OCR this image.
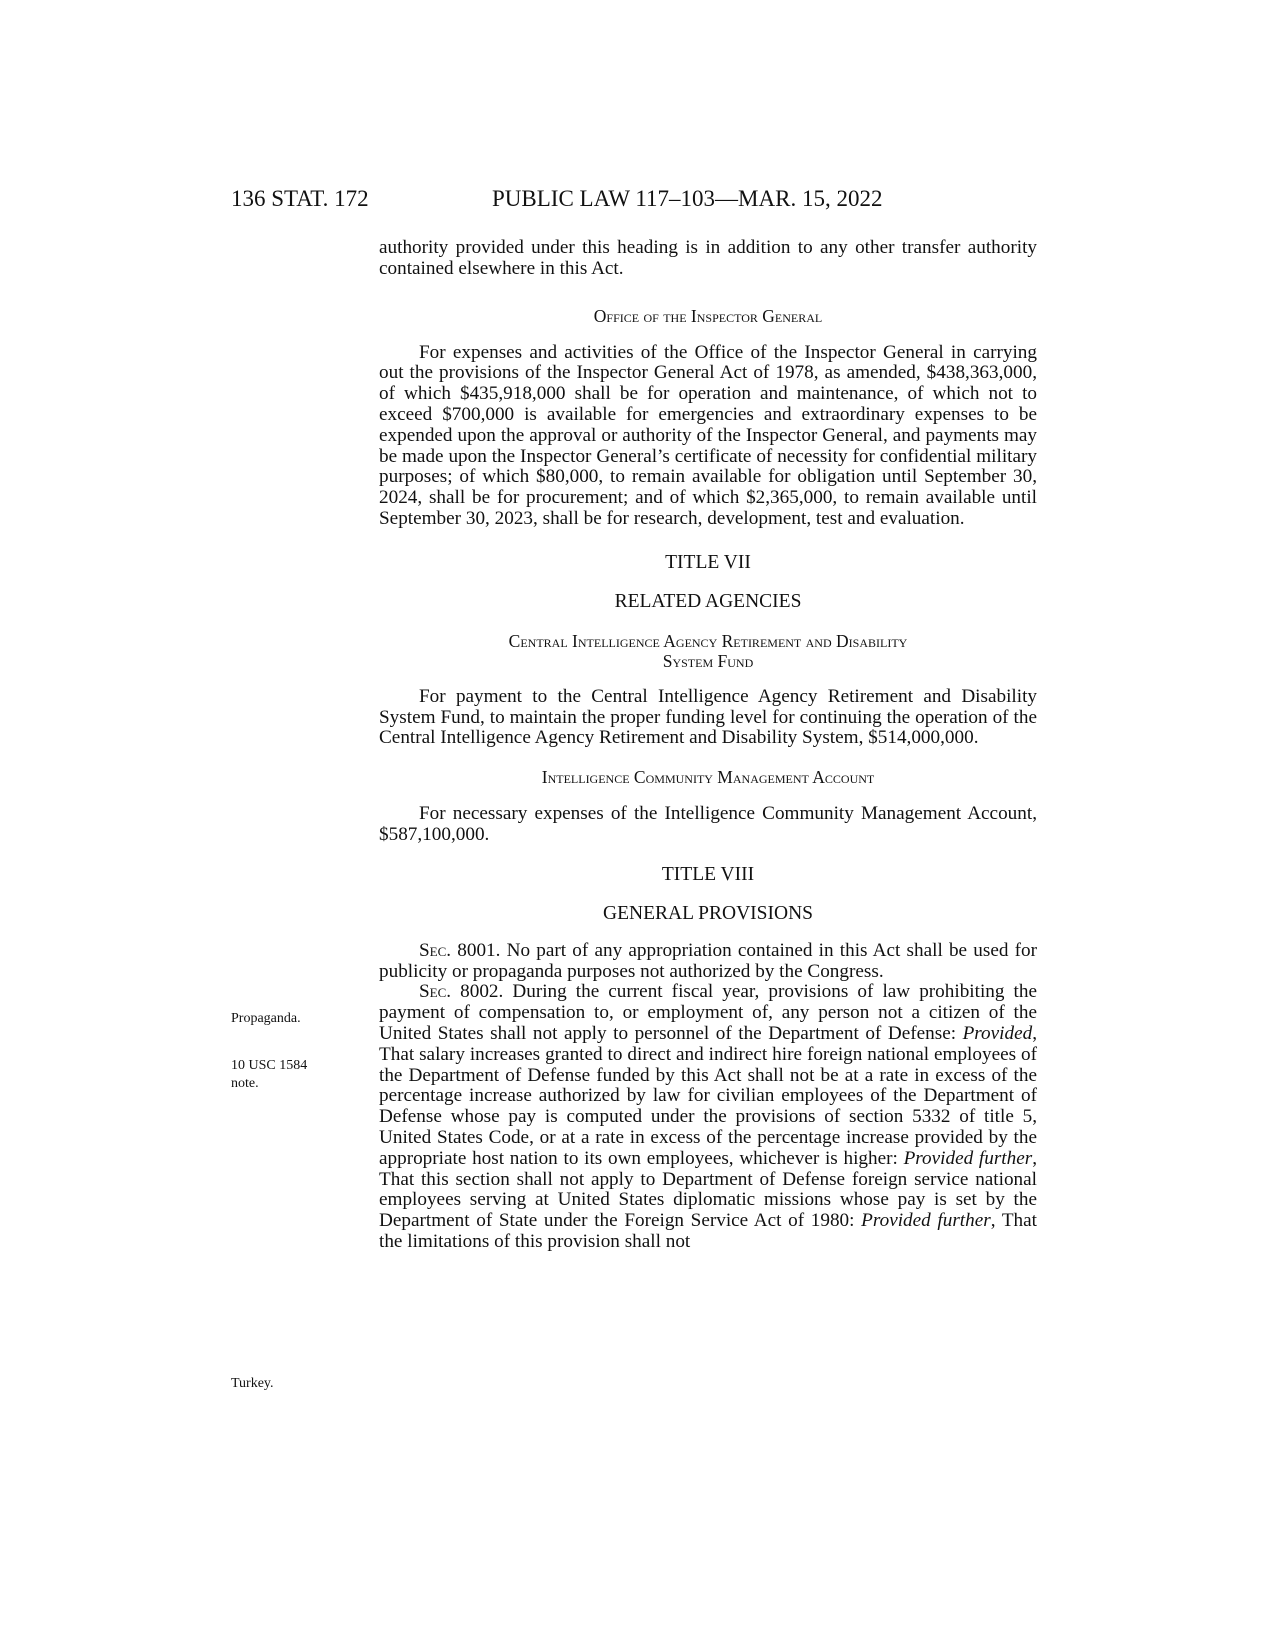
136 STAT. 172	PUBLIC LAW 117–103—MAR. 15, 2022

authority provided under this heading is in addition to any other transfer authority contained elsewhere in this Act.

Office of the Inspector General

For expenses and activities of the Office of the Inspector General in carrying out the provisions of the Inspector General Act of 1978, as amended, $438,363,000, of which $435,918,000 shall be for operation and maintenance, of which not to exceed $700,000 is available for emergencies and extraordinary expenses to be expended upon the approval or authority of the Inspector General, and payments may be made upon the Inspector General’s certificate of necessity for confidential military purposes; of which $80,000, to remain available for obligation until September 30, 2024, shall be for procurement; and of which $2,365,000, to remain available until September 30, 2023, shall be for research, development, test and evaluation.

TITLE VII

RELATED AGENCIES

Central Intelligence Agency Retirement and Disability

System Fund

For payment to the Central Intelligence Agency Retirement and Disability System Fund, to maintain the proper funding level for continuing the operation of the Central Intelligence Agency Retirement and Disability System, $514,000,000.

Intelligence Community Management Account

For necessary expenses of the Intelligence Community Management Account, $587,100,000.

TITLE VIII

GENERAL PROVISIONS

Sec. 8001. No part of any appropriation contained in this Act shall be used for publicity or propaganda purposes not authorized by the Congress.

Sec. 8002. During the current fiscal year, provisions of law prohibiting the payment of compensation to, or employment of, any person not a citizen of the United States shall not apply to personnel of the Department of Defense: Provided, That salary increases granted to direct and indirect hire foreign national employees of the Department of Defense funded by this Act shall not be at a rate in excess of the percentage increase authorized by law for civilian employees of the Department of Defense whose pay is computed under the provisions of section 5332 of title 5, United States Code, or at a rate in excess of the percentage increase provided by the appropriate host nation to its own employees, whichever is higher: Provided further, That this section shall not apply to Department of Defense foreign service national employees serving at United States diplomatic missions whose pay is set by the Department of State under the Foreign Service Act of 1980: Provided further, That the limitations of this provision shall not

Propaganda.
10 USC 1584
note.
Turkey.
